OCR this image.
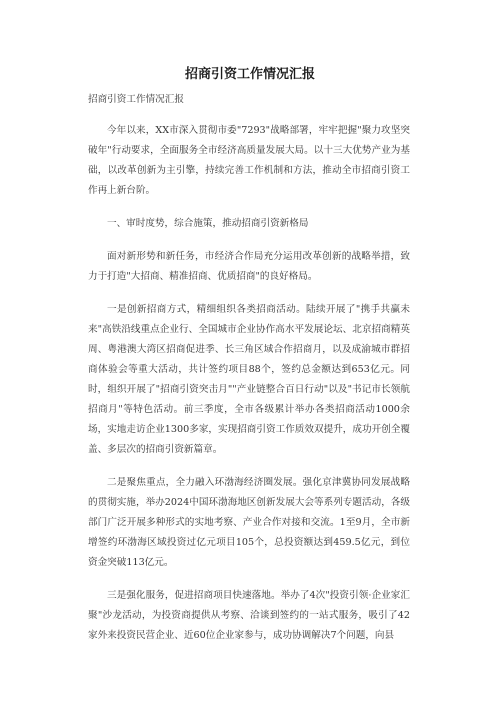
招商引资工作情况汇报

招商引资工作情况汇报

今年以来，XX市深入贯彻市委"7293"战略部署，牢牢把握"聚力攻坚突破年"行动要求，全面服务全市经济高质量发展大局。以十三大优势产业为基础，以改革创新为主引擎，持续完善工作机制和方法，推动全市招商引资工作再上新台阶。

一、审时度势，综合施策，推动招商引资新格局

面对新形势和新任务，市经济合作局充分运用改革创新的战略举措，致力于打造"大招商、精准招商、优质招商"的良好格局。

一是创新招商方式，精细组织各类招商活动。陆续开展了"携手共赢未来"高铁沿线重点企业行、全国城市企业协作高水平发展论坛、北京招商精英周、粤港澳大湾区招商促进季、长三角区域合作招商月，以及成渝城市群招商体验会等重大活动，共计签约项目88个，签约总金额达到653亿元。同时，组织开展了"招商引资突击月""产业链整合百日行动"以及"书记市长领航招商月"等特色活动。前三季度，全市各级累计举办各类招商活动1000余场，实地走访企业1300多家，实现招商引资工作质效双提升，成功开创全覆盖、多层次的招商引资新篇章。

二是聚焦重点，全力融入环渤海经济圈发展。强化京津冀协同发展战略的贯彻实施，举办2024中国环渤海地区创新发展大会等系列专题活动，各级部门广泛开展多种形式的实地考察、产业合作对接和交流。1至9月，全市新增签约环渤海区域投资过亿元项目105个，总投资额达到459.5亿元，到位资金突破113亿元。

三是强化服务，促进招商项目快速落地。举办了4次"投资引领·企业家汇聚"沙龙活动，为投资商提供从考察、洽谈到签约的一站式服务，吸引了42家外来投资民营企业、近60位企业家参与，成功协调解决7个问题，向县
